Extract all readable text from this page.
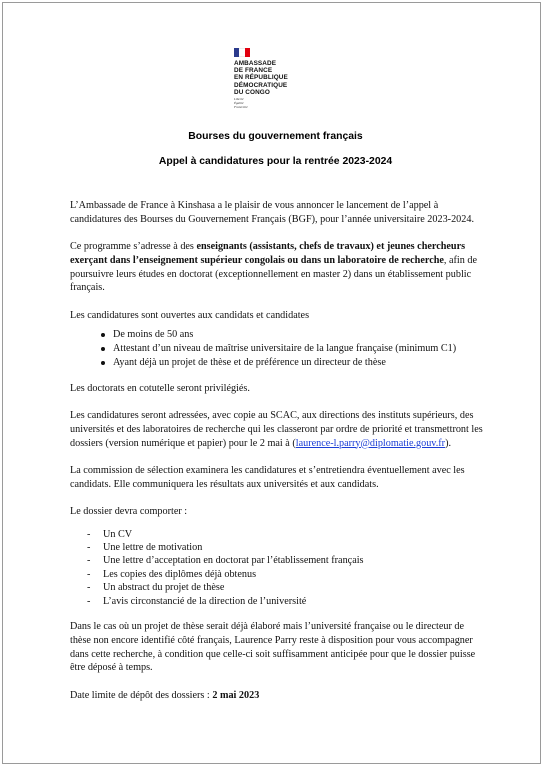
AMBASSADE
DE FRANCE
EN RÉPUBLIQUE
DÉMOCRATIQUE
DU CONGO
Liberté
Égalité
Fraternité
Bourses du gouvernement français
Appel à candidatures pour la rentrée 2023-2024

L’Ambassade de France à Kinshasa a le plaisir de vous annoncer le lancement de l’appel à candidatures des Bourses du Gouvernement Français (BGF), pour l’année universitaire 2023-2024.

Ce programme s’adresse à des enseignants (assistants, chefs de travaux) et jeunes chercheurs exerçant dans l’enseignement supérieur congolais ou dans un laboratoire de recherche, afin de poursuivre leurs études en doctorat (exceptionnellement en master 2) dans un établissement public français.

Les candidatures sont ouvertes aux candidats et candidates

De moins de 50 ans
Attestant d’un niveau de maîtrise universitaire de la langue française (minimum C1)
Ayant déjà un projet de thèse et de préférence un directeur de thèse

Les doctorats en cotutelle seront privilégiés.

Les candidatures seront adressées, avec copie au SCAC, aux directions des instituts supérieurs, des universités et des laboratoires de recherche qui les classeront par ordre de priorité et transmettront les dossiers (version numérique et papier) pour le 2 mai à (laurence-l.parry@diplomatie.gouv.fr).

La commission de sélection examinera les candidatures et s’entretiendra éventuellement avec les candidats. Elle communiquera les résultats aux universités et aux candidats.

Le dossier devra comporter :

- Un CV
- Une lettre de motivation
- Une lettre d’acceptation en doctorat par l’établissement français
- Les copies des diplômes déjà obtenus
- Un abstract du projet de thèse
- L’avis circonstancié de la direction de l’université

Dans le cas où un projet de thèse serait déjà élaboré mais l’université française ou le directeur de thèse non encore identifié côté français, Laurence Parry reste à disposition pour vous accompagner dans cette recherche, à condition que celle-ci soit suffisamment anticipée pour que le dossier puisse être déposé à temps.

Date limite de dépôt des dossiers : 2 mai 2023
